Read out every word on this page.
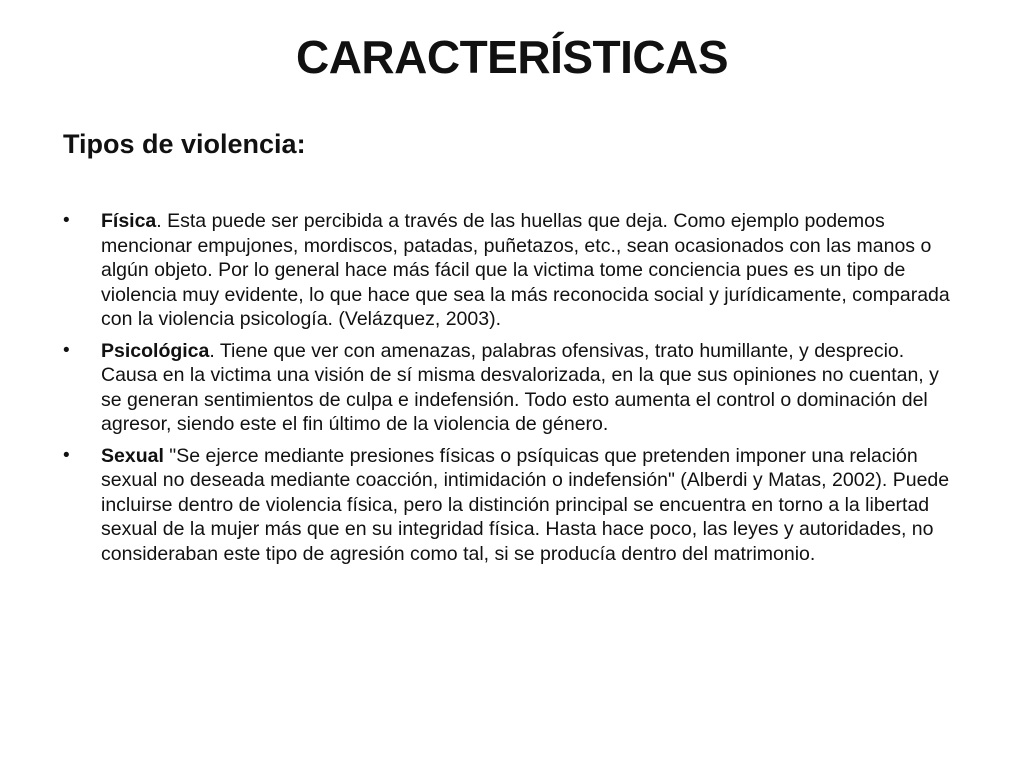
CARACTERÍSTICAS
Tipos de violencia:
• Física. Esta puede ser percibida a través de las huellas que deja. Como ejemplo podemos mencionar empujones, mordiscos, patadas, puñetazos, etc., sean ocasionados con las manos o algún objeto. Por lo general hace más fácil que la victima tome conciencia pues es un tipo de violencia muy evidente, lo que hace que sea la más reconocida social y jurídicamente, comparada con la violencia psicología. (Velázquez, 2003).
• Psicológica. Tiene que ver con amenazas, palabras ofensivas, trato humillante, y desprecio. Causa en la victima una visión de sí misma desvalorizada, en la que sus opiniones no cuentan, y se generan sentimientos de culpa e indefensión. Todo esto aumenta el control o dominación del agresor, siendo este el fin último de la violencia de género.
• Sexual "Se ejerce mediante presiones físicas o psíquicas que pretenden imponer una relación sexual no deseada mediante coacción, intimidación o indefensión" (Alberdi y Matas, 2002). Puede incluirse dentro de violencia física, pero la distinción principal se encuentra en torno a la libertad sexual de la mujer más que en su integridad física. Hasta hace poco, las leyes y autoridades, no consideraban este tipo de agresión como tal, si se producía dentro del matrimonio.
